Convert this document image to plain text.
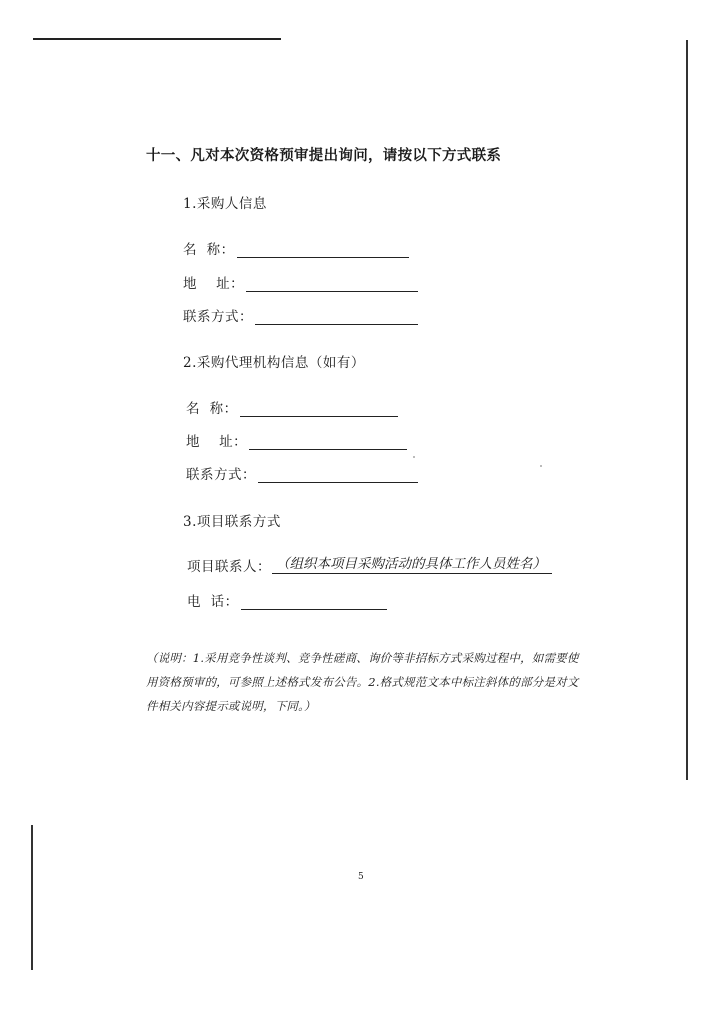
十一、凡对本次资格预审提出询问，请按以下方式联系
1.采购人信息
名  称：
地    址：
联系方式：
2.采购代理机构信息（如有）
名  称：
地    址：
联系方式：
3.项目联系方式
项目联系人： （组织本项目采购活动的具体工作人员姓名）
电  话：
（说明：1.采用竞争性谈判、竞争性磋商、询价等非招标方式采购过程中，如需要使用资格预审的，可参照上述格式发布公告。2.格式规范文本中标注斜体的部分是对文件相关内容提示或说明，下同。）
5
